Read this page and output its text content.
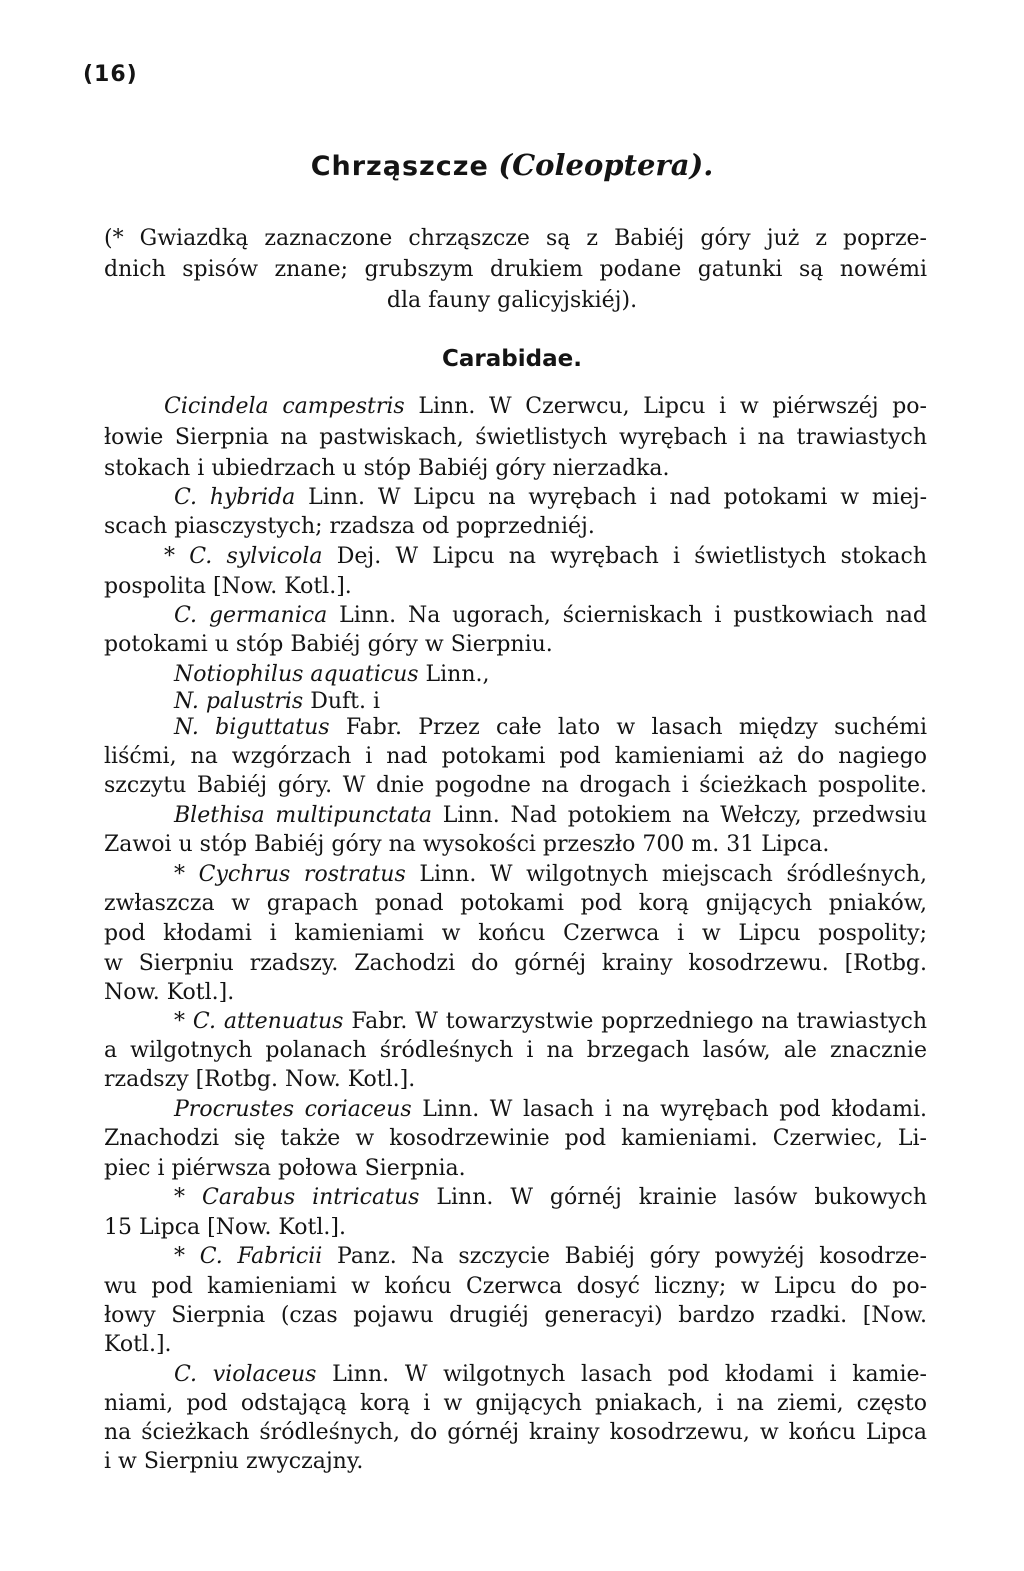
(16)
Chrząszcze (Coleoptera).
(* Gwiazdką zaznaczone chrząszcze są z Babiéj góry już z poprze-
dnich spisów znane; grubszym drukiem podane gatunki są nowémi
dla fauny galicyjskiéj).
Carabidae.
Cicindela campestris Linn. W Czerwcu, Lipcu i w piérwszéj po-
łowie Sierpnia na pastwiskach, świetlistych wyrębach i na trawiastych
stokach i ubiedrzach u stóp Babiéj góry nierzadka.
C. hybrida Linn. W Lipcu na wyrębach i nad potokami w miej-
scach piasczystych; rzadsza od poprzedniéj.
* C. sylvicola Dej. W Lipcu na wyrębach i świetlistych stokach
pospolita [Now. Kotl.].
C. germanica Linn. Na ugorach, ścierniskach i pustkowiach nad
potokami u stóp Babiéj góry w Sierpniu.
Notiophilus aquaticus Linn.,
N. palustris Duft. i
N. biguttatus Fabr. Przez całe lato w lasach między suchémi
liśćmi, na wzgórzach i nad potokami pod kamieniami aż do nagiego
szczytu Babiéj góry. W dnie pogodne na drogach i ścieżkach pospolite.
Blethisa multipunctata Linn. Nad potokiem na Wełczy, przedwsiu
Zawoi u stóp Babiéj góry na wysokości przeszło 700 m. 31 Lipca.
* Cychrus rostratus Linn. W wilgotnych miejscach śródleśnych,
zwłaszcza w grapach ponad potokami pod korą gnijących pniaków,
pod kłodami i kamieniami w końcu Czerwca i w Lipcu pospolity;
w Sierpniu rzadszy. Zachodzi do górnéj krainy kosodrzewu. [Rotbg.
Now. Kotl.].
* C. attenuatus Fabr. W towarzystwie poprzedniego na trawiastych
a wilgotnych polanach śródleśnych i na brzegach lasów, ale znacznie
rzadszy [Rotbg. Now. Kotl.].
Procrustes coriaceus Linn. W lasach i na wyrębach pod kłodami.
Znachodzi się także w kosodrzewinie pod kamieniami. Czerwiec, Li-
piec i piérwsza połowa Sierpnia.
* Carabus intricatus Linn. W górnéj krainie lasów bukowych
15 Lipca [Now. Kotl.].
* C. Fabricii Panz. Na szczycie Babiéj góry powyżéj kosodrze-
wu pod kamieniami w końcu Czerwca dosyć liczny; w Lipcu do po-
łowy Sierpnia (czas pojawu drugiéj generacyi) bardzo rzadki. [Now.
Kotl.].
C. violaceus Linn. W wilgotnych lasach pod kłodami i kamie-
niami, pod odstającą korą i w gnijących pniakach, i na ziemi, często
na ścieżkach śródleśnych, do górnéj krainy kosodrzewu, w końcu Lipca
i w Sierpniu zwyczajny.
